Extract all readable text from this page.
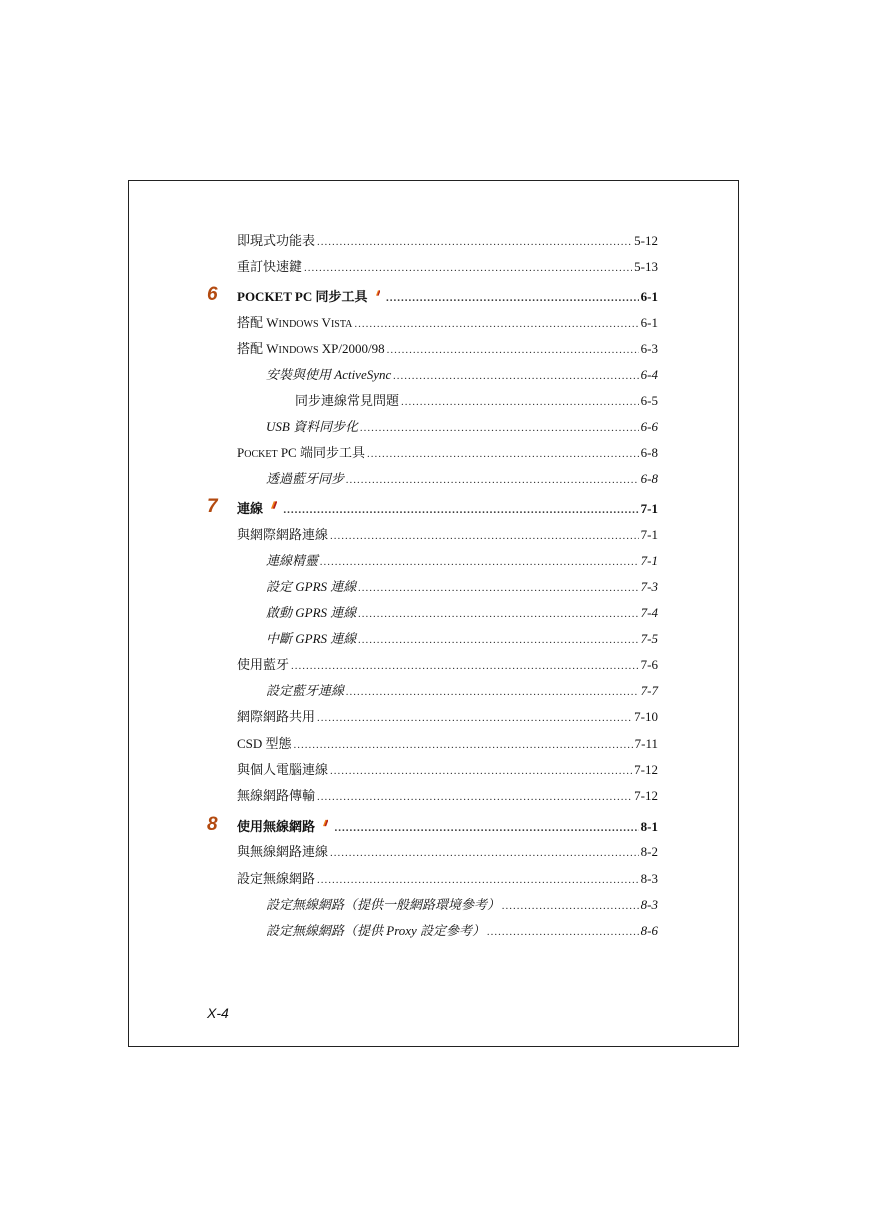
即現式功能表 .....	5-12
重訂快速鍵 .....	5-13
6	POCKET PC 同步工具 .....	6-1
搭配 WINDOWS VISTA .....	6-1
搭配 WINDOWS XP/2000/98 .....	6-3
安裝與使用 ActiveSync .....	6-4
同步連線常見問題 .....	6-5
USB 資料同步化 .....	6-6
POCKET PC 端同步工具 .....	6-8
透過藍牙同步 .....	6-8
7	連線 .....	7-1
與網際網路連線 .....	7-1
連線精靈 .....	7-1
設定 GPRS 連線 .....	7-3
啟動 GPRS 連線 .....	7-4
中斷 GPRS 連線 .....	7-5
使用藍牙 .....	7-6
設定藍牙連線 .....	7-7
網際網路共用 .....	7-10
CSD 型態 .....	7-11
與個人電腦連線 .....	7-12
無線網路傳輸 .....	7-12
8	使用無線網路 .....	8-1
與無線網路連線 .....	8-2
設定無線網路 .....	8-3
設定無線網路（提供一般網路環境參考） .....	8-3
設定無線網路（提供 Proxy 設定參考） .....	8-6
X-4
